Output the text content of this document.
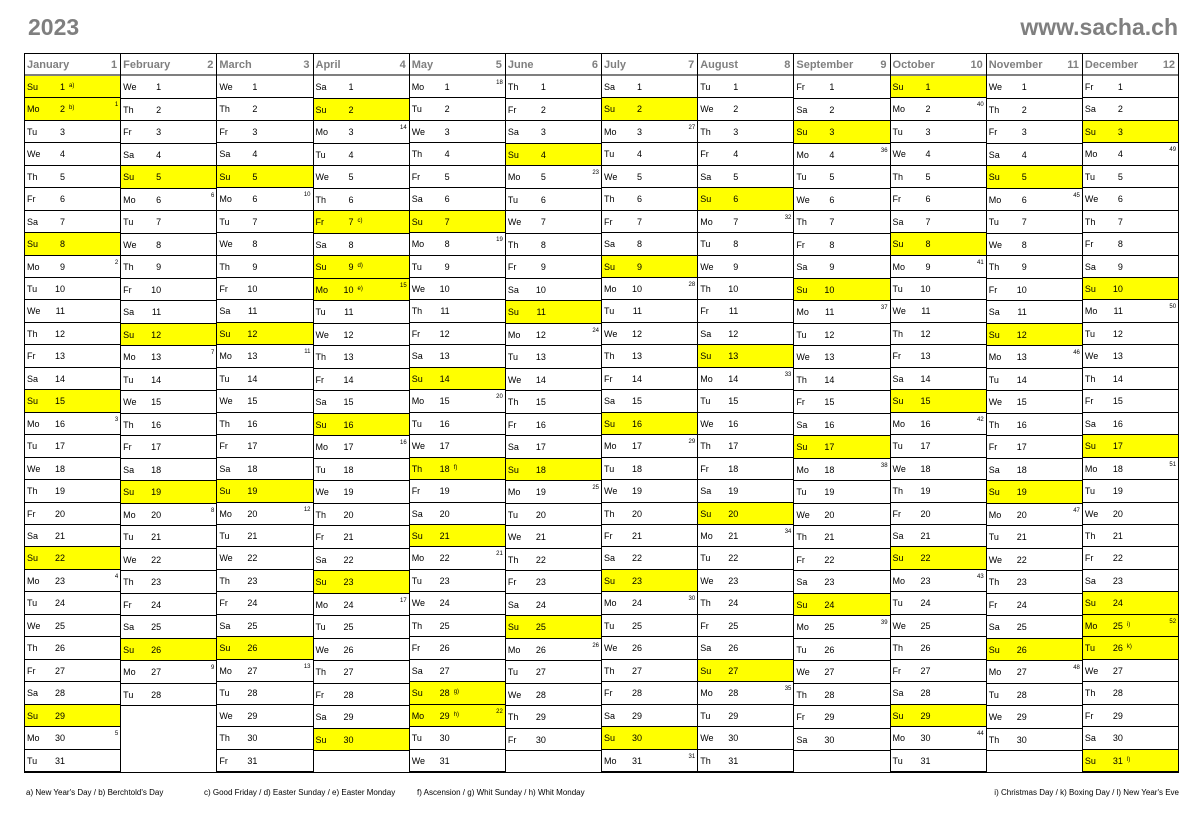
2023	www.sacha.ch
January	1
Su	1 a)
Mo	2 b)	1
Tu	3
We	4
Th	5
Fr	6
Sa	7
Su	8
Mo	9	2
Tu	10
We	11
Th	12
Fr	13
Sa	14
Su	15
Mo	16	3
Tu	17
We	18
Th	19
Fr	20
Sa	21
Su	22
Mo	23	4
Tu	24
We	25
Th	26
Fr	27
Sa	28
Su	29
Mo	30	5
Tu	31
February	2
We	1
Th	2
Fr	3
Sa	4
Su	5
Mo	6	6
Tu	7
We	8
Th	9
Fr	10
Sa	11
Su	12
Mo	13	7
Tu	14
We	15
Th	16
Fr	17
Sa	18
Su	19
Mo	20	8
Tu	21
We	22
Th	23
Fr	24
Sa	25
Su	26
Mo	27	9
Tu	28
March	3
We	1
Th	2
Fr	3
Sa	4
Su	5
Mo	6	10
Tu	7
We	8
Th	9
Fr	10
Sa	11
Su	12
Mo	13	11
Tu	14
We	15
Th	16
Fr	17
Sa	18
Su	19
Mo	20	12
Tu	21
We	22
Th	23
Fr	24
Sa	25
Su	26
Mo	27	13
Tu	28
We	29
Th	30
Fr	31
April	4
Sa	1
Su	2
Mo	3	14
Tu	4
We	5
Th	6
Fr	7 c)
Sa	8
Su	9 d)
Mo	10 e)	15
Tu	11
We	12
Th	13
Fr	14
Sa	15
Su	16
Mo	17	16
Tu	18
We	19
Th	20
Fr	21
Sa	22
Su	23
Mo	24	17
Tu	25
We	26
Th	27
Fr	28
Sa	29
Su	30
May	5
Mo	1	18
Tu	2
We	3
Th	4
Fr	5
Sa	6
Su	7
Mo	8	19
Tu	9
We	10
Th	11
Fr	12
Sa	13
Su	14
Mo	15	20
Tu	16
We	17
Th	18 f)
Fr	19
Sa	20
Su	21
Mo	22	21
Tu	23
We	24
Th	25
Fr	26
Sa	27
Su	28 g)
Mo	29 h)	22
Tu	30
We	31
June	6
Th	1
Fr	2
Sa	3
Su	4
Mo	5	23
Tu	6
We	7
Th	8
Fr	9
Sa	10
Su	11
Mo	12	24
Tu	13
We	14
Th	15
Fr	16
Sa	17
Su	18
Mo	19	25
Tu	20
We	21
Th	22
Fr	23
Sa	24
Su	25
Mo	26	26
Tu	27
We	28
Th	29
Fr	30
July	7
Sa	1
Su	2
Mo	3	27
Tu	4
We	5
Th	6
Fr	7
Sa	8
Su	9
Mo	10	28
Tu	11
We	12
Th	13
Fr	14
Sa	15
Su	16
Mo	17	29
Tu	18
We	19
Th	20
Fr	21
Sa	22
Su	23
Mo	24	30
Tu	25
We	26
Th	27
Fr	28
Sa	29
Su	30
Mo	31	31
August	8
Tu	1
We	2
Th	3
Fr	4
Sa	5
Su	6
Mo	7	32
Tu	8
We	9
Th	10
Fr	11
Sa	12
Su	13
Mo	14	33
Tu	15
We	16
Th	17
Fr	18
Sa	19
Su	20
Mo	21	34
Tu	22
We	23
Th	24
Fr	25
Sa	26
Su	27
Mo	28	35
Tu	29
We	30
Th	31
September 9
Fr	1
Sa	2
Su	3
Mo	4	36
Tu	5
We	6
Th	7
Fr	8
Sa	9
Su	10
Mo	11	37
Tu	12
We	13
Th	14
Fr	15
Sa	16
Su	17
Mo	18	38
Tu	19
We	20
Th	21
Fr	22
Sa	23
Su	24
Mo	25	39
Tu	26
We	27
Th	28
Fr	29
Sa	30
October	10
Su	1
Mo	2	40
Tu	3
We	4
Th	5
Fr	6
Sa	7
Su	8
Mo	9	41
Tu	10
We	11
Th	12
Fr	13
Sa	14
Su	15
Mo	16	42
Tu	17
We	18
Th	19
Fr	20
Sa	21
Su	22
Mo	23	43
Tu	24
We	25
Th	26
Fr	27
Sa	28
Su	29
Mo	30	44
Tu	31
November 11
We	1
Th	2
Fr	3
Sa	4
Su	5
Mo	6	45
Tu	7
We	8
Th	9
Fr	10
Sa	11
Su	12
Mo	13	46
Tu	14
We	15
Th	16
Fr	17
Sa	18
Su	19
Mo	20	47
Tu	21
We	22
Th	23
Fr	24
Sa	25
Su	26
Mo	27	48
Tu	28
We	29
Th	30
December 12
Fr	1
Sa	2
Su	3
Mo	4	49
Tu	5
We	6
Th	7
Fr	8
Sa	9
Su	10
Mo	11	50
Tu	12
We	13
Th	14
Fr	15
Sa	16
Su	17
Mo	18	51
Tu	19
We	20
Th	21
Fr	22
Sa	23
Su	24
Mo	25 i)	52
Tu	26 k)
We	27
Th	28
Fr	29
Sa	30
Su	31 l)
a) New Year's Day / b) Berchtold's Day	c) Good Friday / d) Easter Sunday / e) Easter Monday	f) Ascension / g) Whit Sunday / h) Whit Monday	i) Christmas Day / k) Boxing Day / l) New Year's Eve
